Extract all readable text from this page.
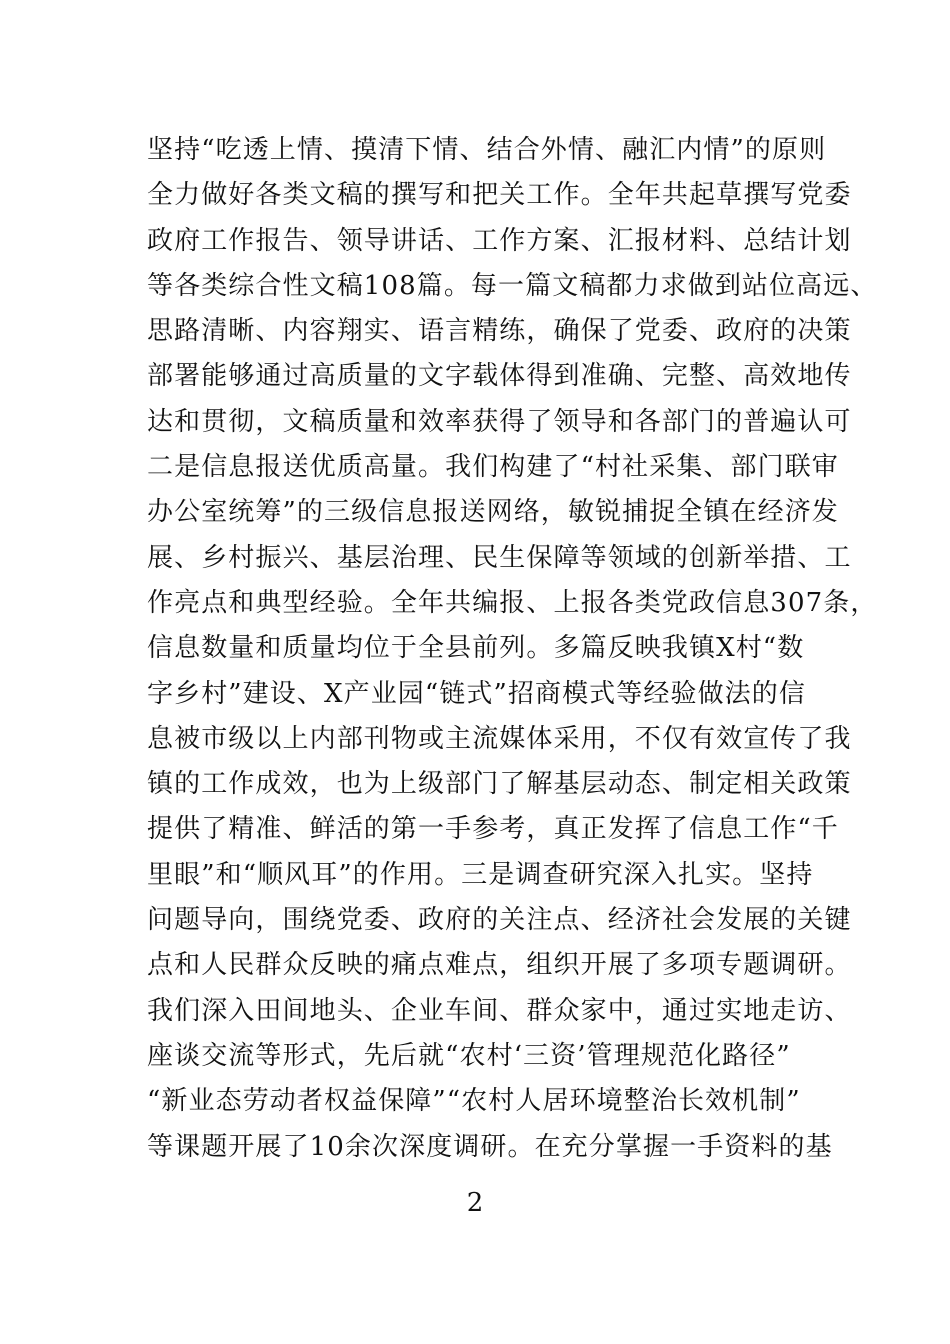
坚持“吃透上情、摸清下情、结合外情、融汇内情”的原则
全力做好各类文稿的撰写和把关工作。全年共起草撰写党委
政府工作报告、领导讲话、工作方案、汇报材料、总结计划
等各类综合性文稿108篇。每一篇文稿都力求做到站位高远、
思路清晰、内容翔实、语言精练，确保了党委、政府的决策
部署能够通过高质量的文字载体得到准确、完整、高效地传
达和贯彻，文稿质量和效率获得了领导和各部门的普遍认可
二是信息报送优质高量。我们构建了“村社采集、部门联审
办公室统筹”的三级信息报送网络，敏锐捕捉全镇在经济发
展、乡村振兴、基层治理、民生保障等领域的创新举措、工
作亮点和典型经验。全年共编报、上报各类党政信息307条，
信息数量和质量均位于全县前列。多篇反映我镇X村“数
字乡村”建设、X产业园“链式”招商模式等经验做法的信
息被市级以上内部刊物或主流媒体采用，不仅有效宣传了我
镇的工作成效，也为上级部门了解基层动态、制定相关政策
提供了精准、鲜活的第一手参考，真正发挥了信息工作“千
里眼”和“顺风耳”的作用。三是调查研究深入扎实。坚持
问题导向，围绕党委、政府的关注点、经济社会发展的关键
点和人民群众反映的痛点难点，组织开展了多项专题调研。
我们深入田间地头、企业车间、群众家中，通过实地走访、
座谈交流等形式，先后就“农村‘三资’管理规范化路径”
“新业态劳动者权益保障”“农村人居环境整治长效机制”
等课题开展了10余次深度调研。在充分掌握一手资料的基
2
